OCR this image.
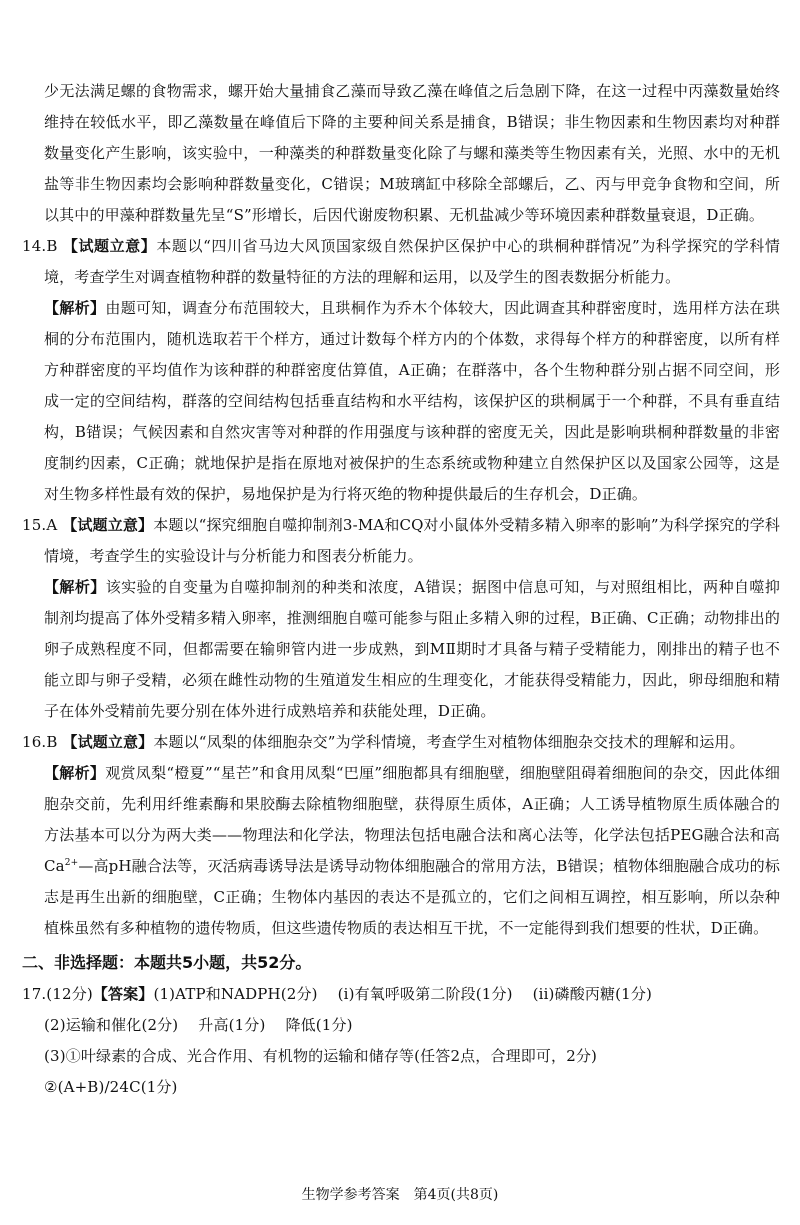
少无法满足螺的食物需求，螺开始大量捕食乙藻而导致乙藻在峰值之后急剧下降，在这一过程中丙藻数量始终维持在较低水平，即乙藻数量在峰值后下降的主要种间关系是捕食，B错误；非生物因素和生物因素均对种群数量变化产生影响，该实验中，一种藻类的种群数量变化除了与螺和藻类等生物因素有关，光照、水中的无机盐等非生物因素均会影响种群数量变化，C错误；M玻璃缸中移除全部螺后，乙、丙与甲竞争食物和空间，所以其中的甲藻种群数量先呈“S”形增长，后因代谢废物积累、无机盐减少等环境因素种群数量衰退，D正确。

14.B 【试题立意】本题以“四川省马边大风顶国家级自然保护区保护中心的珙桐种群情况”为科学探究的学科情境，考查学生对调查植物种群的数量特征的方法的理解和运用，以及学生的图表数据分析能力。

【解析】由题可知，调查分布范围较大，且珙桐作为乔木个体较大，因此调查其种群密度时，选用样方法在珙桐的分布范围内，随机选取若干个样方，通过计数每个样方内的个体数，求得每个样方的种群密度，以所有样方种群密度的平均值作为该种群的种群密度估算值，A正确；在群落中，各个生物种群分别占据不同空间，形成一定的空间结构，群落的空间结构包括垂直结构和水平结构，该保护区的珙桐属于一个种群，不具有垂直结构，B错误；气候因素和自然灾害等对种群的作用强度与该种群的密度无关，因此是影响珙桐种群数量的非密度制约因素，C正确；就地保护是指在原地对被保护的生态系统或物种建立自然保护区以及国家公园等，这是对生物多样性最有效的保护，易地保护是为行将灭绝的物种提供最后的生存机会，D正确。

15.A 【试题立意】本题以“探究细胞自噬抑制剂3-MA和CQ对小鼠体外受精多精入卵率的影响”为科学探究的学科情境，考查学生的实验设计与分析能力和图表分析能力。

【解析】该实验的自变量为自噬抑制剂的种类和浓度，A错误；据图中信息可知，与对照组相比，两种自噬抑制剂均提高了体外受精多精入卵率，推测细胞自噬可能参与阻止多精入卵的过程，B正确、C正确；动物排出的卵子成熟程度不同，但都需要在输卵管内进一步成熟，到MⅡ期时才具备与精子受精能力，刚排出的精子也不能立即与卵子受精，必须在雌性动物的生殖道发生相应的生理变化，才能获得受精能力，因此，卵母细胞和精子在体外受精前先要分别在体外进行成熟培养和获能处理，D正确。

16.B 【试题立意】本题以“凤梨的体细胞杂交”为学科情境，考查学生对植物体细胞杂交技术的理解和运用。

【解析】观赏凤梨“橙夏”“星芒”和食用凤梨“巴厘”细胞都具有细胞壁，细胞壁阻碍着细胞间的杂交，因此体细胞杂交前，先利用纤维素酶和果胶酶去除植物细胞壁，获得原生质体，A正确；人工诱导植物原生质体融合的方法基本可以分为两大类——物理法和化学法，物理法包括电融合法和离心法等，化学法包括PEG融合法和高$Ca^{2+}—$高pH融合法等，灭活病毒诱导法是诱导动物体细胞融合的常用方法，B错误；植物体细胞融合成功的标志是再生出新的细胞壁，C正确；生物体内基因的表达不是孤立的，它们之间相互调控，相互影响，所以杂种植株虽然有多种植物的遗传物质，但这些遗传物质的表达相互干扰，不一定能得到我们想要的性状，D正确。

二、非选择题：本题共5小题，共52分。

17.(12分)【答案】(1)ATP和NADPH(2分) (i)有氧呼吸第二阶段(1分) (ii)磷酸丙糖(1分)

(2)运输和催化(2分) 升高(1分) 降低(1分)

(3)①叶绿素的合成、光合作用、有机物的运输和储存等(任答2点，合理即可，2分)

②(A+B)/24C(1分)

生物学参考答案　第4页(共8页)
